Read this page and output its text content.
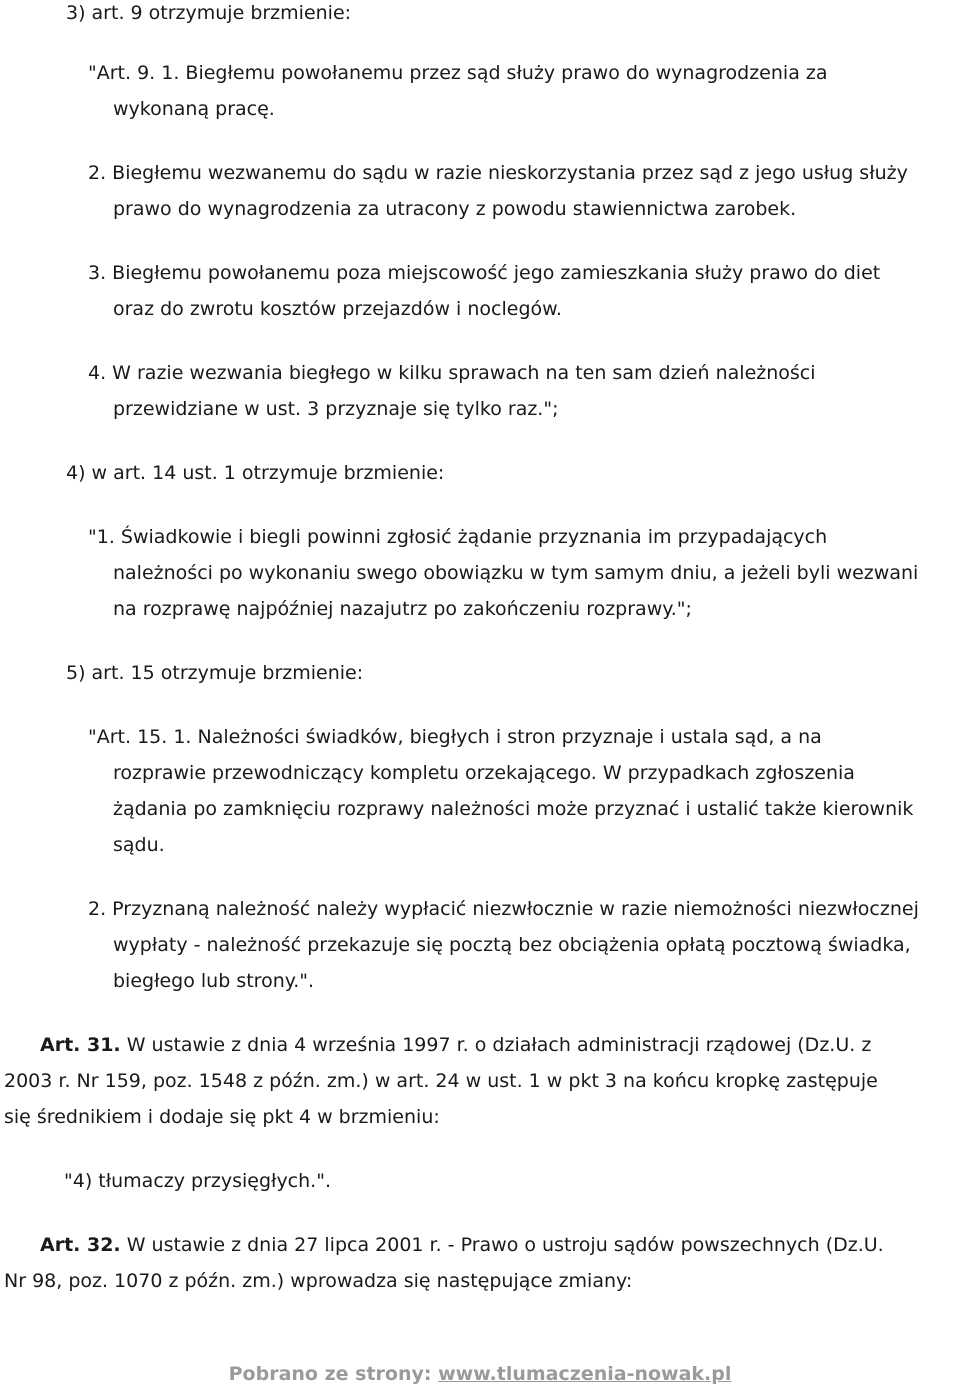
3) art. 9 otrzymuje brzmienie:
"Art. 9. 1. Biegłemu powołanemu przez sąd służy prawo do wynagrodzenia za
wykonaną pracę.
2. Biegłemu wezwanemu do sądu w razie nieskorzystania przez sąd z jego usług służy
prawo do wynagrodzenia za utracony z powodu stawiennictwa zarobek.
3. Biegłemu powołanemu poza miejscowość jego zamieszkania służy prawo do diet
oraz do zwrotu kosztów przejazdów i noclegów.
4. W razie wezwania biegłego w kilku sprawach na ten sam dzień należności
przewidziane w ust. 3 przyznaje się tylko raz.";
4) w art. 14 ust. 1 otrzymuje brzmienie:
"1. Świadkowie i biegli powinni zgłosić żądanie przyznania im przypadających
należności po wykonaniu swego obowiązku w tym samym dniu, a jeżeli byli wezwani
na rozprawę najpóźniej nazajutrz po zakończeniu rozprawy.";
5) art. 15 otrzymuje brzmienie:
"Art. 15. 1. Należności świadków, biegłych i stron przyznaje i ustala sąd, a na
rozprawie przewodniczący kompletu orzekającego. W przypadkach zgłoszenia
żądania po zamknięciu rozprawy należności może przyznać i ustalić także kierownik
sądu.
2. Przyznaną należność należy wypłacić niezwłocznie w razie niemożności niezwłocznej
wypłaty - należność przekazuje się pocztą bez obciążenia opłatą pocztową świadka,
biegłego lub strony.".
Art. 31. W ustawie z dnia 4 września 1997 r. o działach administracji rządowej (Dz.U. z
2003 r. Nr 159, poz. 1548 z późn. zm.) w art. 24 w ust. 1 w pkt 3 na końcu kropkę zastępuje
się średnikiem i dodaje się pkt 4 w brzmieniu:
"4) tłumaczy przysięgłych.".
Art. 32. W ustawie z dnia 27 lipca 2001 r. - Prawo o ustroju sądów powszechnych (Dz.U.
Nr 98, poz. 1070 z późn. zm.) wprowadza się następujące zmiany:
Pobrano ze strony: www.tlumaczenia-nowak.pl
